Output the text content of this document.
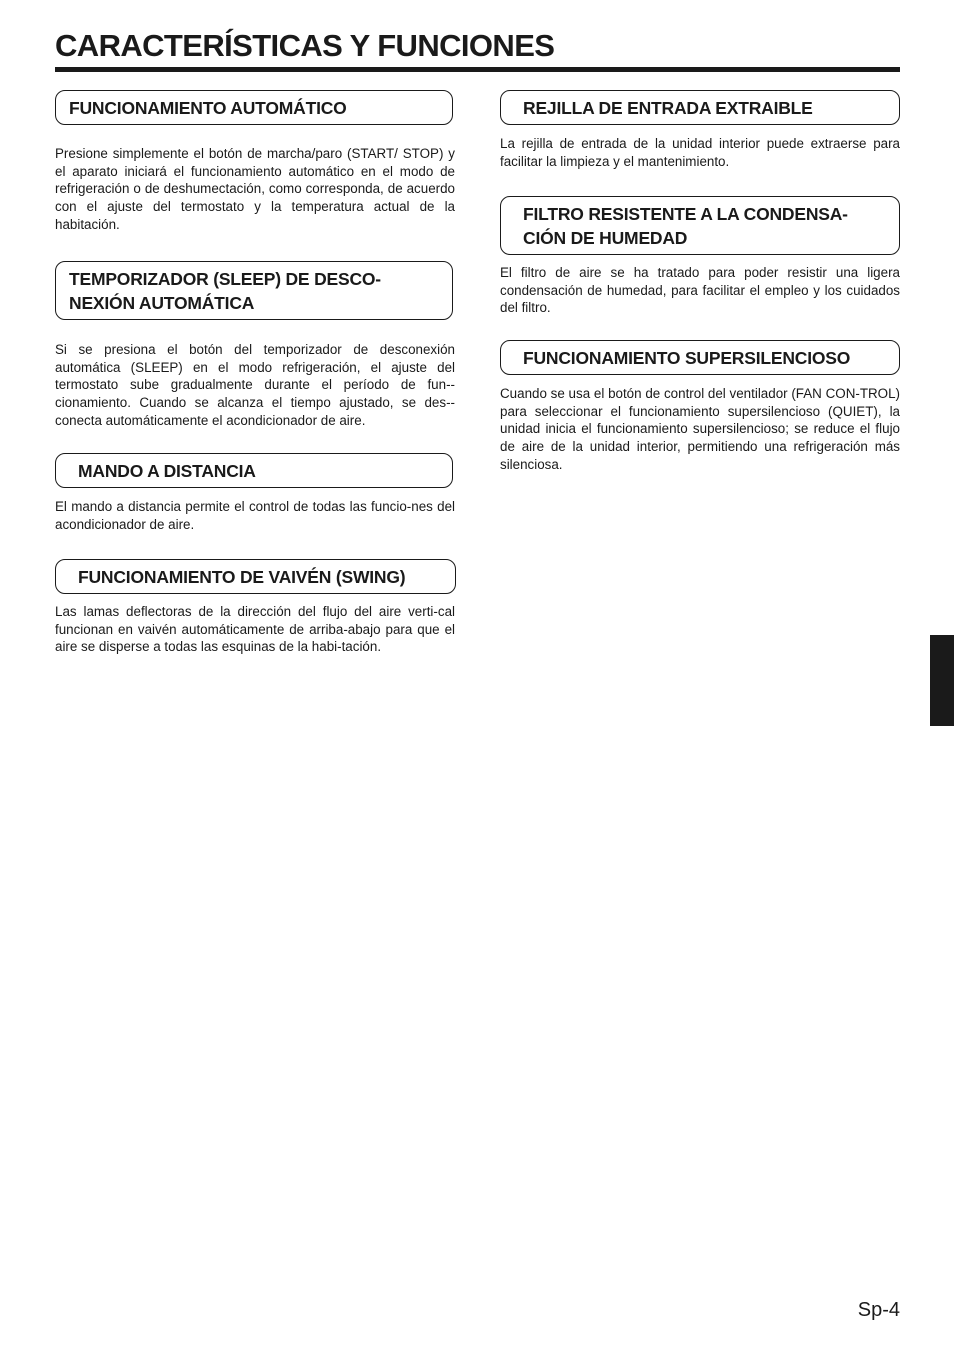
CARACTERÍSTICAS Y FUNCIONES
FUNCIONAMIENTO AUTOMÁTICO

Presione simplemente el botón de marcha/paro (START/ STOP) y el aparato iniciará el funcionamiento automático en el modo de refrigeración o de deshumectación, como corresponda, de acuerdo con el ajuste del termostato y la temperatura actual de la habitación.

TEMPORIZADOR (SLEEP) DE DESCO-
NEXIÓN AUTOMÁTICA

Si se presiona el botón del temporizador de desconexión automática (SLEEP) en el modo refrigeración, el ajuste del termostato sube gradualmente durante el período de fun-cionamiento. Cuando se alcanza el tiempo ajustado, se des-conecta automáticamente el acondicionador de aire.

MANDO A DISTANCIA

El mando a distancia permite el control de todas las funcio-nes del acondicionador de aire.

FUNCIONAMIENTO DE VAIVÉN (SWING)

Las lamas deflectoras de la dirección del flujo del aire verti-cal funcionan en vaivén automáticamente de arriba-abajo para que el aire se disperse a todas las esquinas de la habi-tación.

REJILLA DE ENTRADA EXTRAIBLE

La rejilla de entrada de la unidad interior puede extraerse para facilitar la limpieza y el mantenimiento.

FILTRO RESISTENTE A LA CONDENSA-
CIÓN DE HUMEDAD

El filtro de aire se ha tratado para poder resistir una ligera condensación de humedad, para facilitar el empleo y los cuidados del filtro.

FUNCIONAMIENTO SUPERSILENCIOSO

Cuando se usa el botón de control del ventilador (FAN CON-TROL) para seleccionar el funcionamiento supersilencioso (QUIET), la unidad inicia el funcionamiento supersilencioso; se reduce el flujo de aire de la unidad interior, permitiendo una refrigeración más silenciosa.

Sp-4
